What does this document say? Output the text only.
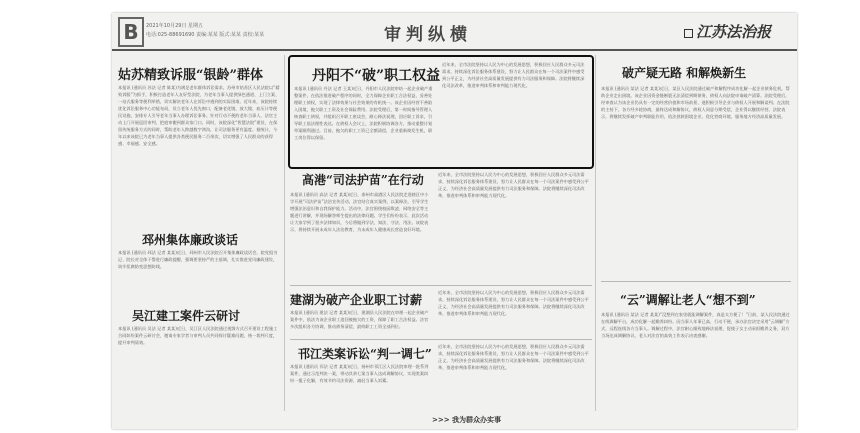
B	2021年10月29日 星期五
电话:025-88691690 责编:某某 版式:某某 责校:某某	审判纵横	江苏法治报
姑苏精致诉服“银龄”群体
本报讯 (通讯员 苏法 记者 陈某)为满足老年群体诉讼需求，苏州市姑苏区人民法院以“精致诉服”为抓手，积极打造老年人友好型法院，为老年当事人提供绿色通道、上门立案、一站式服务等便利举措，切实解决老年人在诉讼中遇到的实际困难。近年来，该院持续优化诉讼服务中心功能布局，设立老年人优先窗口，配备老花镜、放大镜、血压计等便民设施，安排专人引导老年当事人办理诉讼事务。针对行动不便的老年当事人，法官主动上门开展巡回审判，把庭审搬到群众家门口。同时，该院深化“智慧法院”建设，在保留传统服务方式的同时，帮助老年人跨越数字鸿沟，让司法服务更有温度。据统计，今年以来该院已为老年当事人提供各类便民服务二百余次，切实增强了人民群众的获得感、幸福感、安全感。
邳州集体廉政谈话
本报讯 (通讯员 邳法 记者 某某)近日，邳州市人民法院召开集体廉政谈话会，院党组书记、院长对全体干警进行廉政提醒，强调要坚持严的主基调，扎实推进党风廉政建设，筑牢拒腐防变思想防线。
吴江建工案件云研讨
本报讯 (通讯员 吴法 记者 某某)近日，吴江区人民法院通过视频方式召开建设工程施工合同纠纷案件云研讨会，邀请专家学者与审判人员共同探讨疑难问题，统一裁判尺度，提升审判质效。
丹阳不“破”职工权益
本报讯 (通讯员 丹法 记者 王某)近日，丹阳市人民法院审结一起企业破产重整案件，在依法推进破产程序的同时，全力保障企业职工合法权益，妥善处理职工债权，实现了法律效果与社会效果的有机统一。该企业因经营不善陷入困境，拖欠职工工资及社会保险费用。法院受理后，第一时间指导管理人核查职工债权，并组织召开职工座谈会，耐心释法说理，回应职工诉求，引导职工依法理性表达。在债权人会议上，法院积极协调各方，推动重整计划草案顺利通过。目前，拖欠的职工工资已全额清偿，企业重新焕发生机，职工岗位得以保留。
近年来，全市法院坚持以人民为中心的发展思想，积极回应人民群众多元司法需求，持续深化诉讼服务体系建设，努力让人民群众在每一个司法案件中感受到公平正义，为经济社会高质量发展提供有力司法服务和保障。法院将继续深化司法改革，推进审判体系和审判能力现代化。
高港“司法护苗”在行动
本报讯 (通讯员 高法 记者 某某)近日，泰州市高港区人民法院走进辖区中小学开展“司法护苗”法治宣传活动，法官结合真实案例，以案释法，引导学生增强法治意识和自我保护能力。活动中，法官围绕校园欺凌、网络安全等主题进行讲解，并现场解答师生提出的法律问题。学生们纷纷表示，此次活动让大家学到了很多法律知识，今后将做到学法、知法、守法、用法。该院表示，将持续开展未成年人法治教育，为未成年人健康成长营造良好环境。
近年来，全市法院坚持以人民为中心的发展思想，积极回应人民群众多元司法需求，持续深化诉讼服务体系建设，努力让人民群众在每一个司法案件中感受到公平正义，为经济社会高质量发展提供有力司法服务和保障。法院将继续深化司法改革，推进审判体系和审判能力现代化。
建湖为破产企业职工讨薪
本报讯 (通讯员 建法 记者 某某)近日，建湖县人民法院在审理一起企业破产案件中，依法为该企业职工追回被拖欠的工资，保障了职工合法权益。法官多次组织各方协调，推动债务清偿，最终职工工资全部到位。
近年来，全市法院坚持以人民为中心的发展思想，积极回应人民群众多元司法需求，持续深化诉讼服务体系建设，努力让人民群众在每一个司法案件中感受到公平正义，为经济社会高质量发展提供有力司法服务和保障。法院将继续深化司法改革，推进审判体系和审判能力现代化。
邗江类案诉讼“判一调七”
本报讯 (通讯员 邗法 记者 某某)近日，扬州市邗江区人民法院审理一批系列案件，通过示范判决一案，带动其余七案当事人达成调解协议，实现类案纠纷一揽子化解，有效节约司法资源，减轻当事人诉累。
近年来，全市法院坚持以人民为中心的发展思想，积极回应人民群众多元司法需求，持续深化诉讼服务体系建设，努力让人民群众在每一个司法案件中感受到公平正义，为经济社会高质量发展提供有力司法服务和保障。法院将继续深化司法改革，推进审判体系和审判能力现代化。
破产疑无路 和解焕新生
本报讯 (通讯员 某法 记者 某某)近日，某区人民法院通过破产和解程序成功化解一起企业债务危机，帮助企业走出困境。该企业因资金链断裂无法清偿到期债务，债权人向法院申请破产清算。法院受理后，经审查认为该企业仍具有一定的经营价值和市场前景，遂积极引导企业与债权人开展和解谈判。在法院的主持下，各方经多轮协商，最终达成和解协议，债权人同意分期受偿，企业得以继续经营。法院表示，将继续发挥破产审判职能作用，依法拯救困境企业，优化营商环境，服务地方经济高质量发展。
“云”调解让老人“想不到”
本报讯 (通讯员 某法 记者 某某)“没想到在家里就能调解案件，真是太方便了！”日前，某人民法院通过在线调解平台，成功化解一起赡养纠纷。因当事人年事已高、行动不便，承办法官决定采用“云调解”方式，远程连线各方当事人。调解过程中，法官耐心细致地释法说理，促使子女主动承担赡养义务，双方当场达成调解协议。老人对法官的高效工作表示由衷感谢。
>>> 我为群众办实事
